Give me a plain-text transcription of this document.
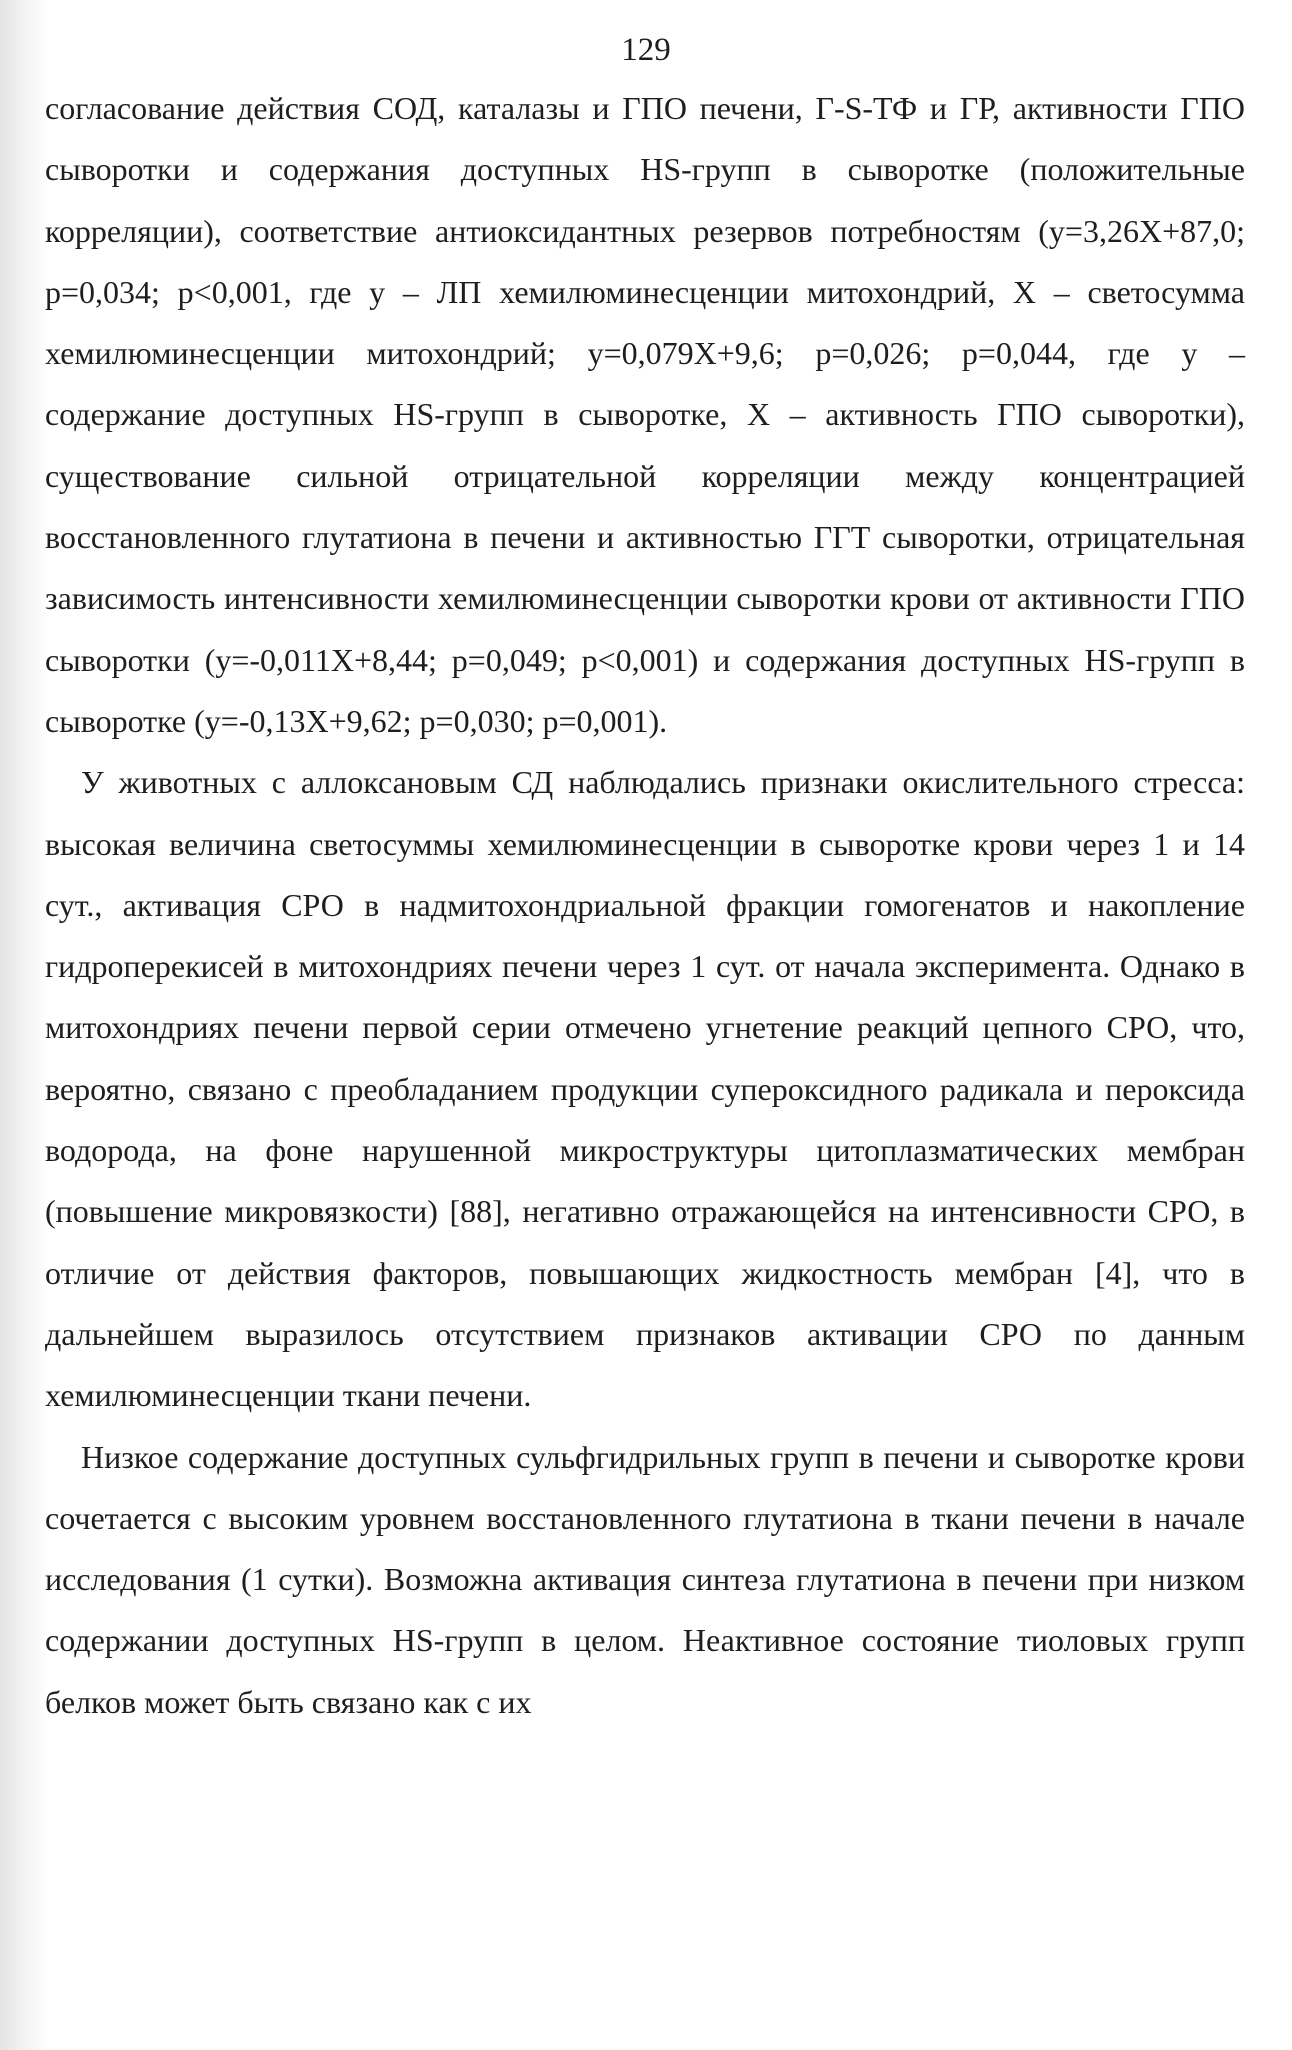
129

согласование действия СОД, каталазы и ГПО печени, Г-S-ТФ и ГР, активности ГПО сыворотки и содержания доступных HS-групп в сыворотке (положительные корреляции), соответствие антиоксидантных резервов потребностям (y=3,26X+87,0; p=0,034; p<0,001, где y – ЛП хемилюминесценции митохондрий, X – светосумма хемилюминесценции митохондрий; y=0,079X+9,6; p=0,026; p=0,044, где y – содержание доступных HS-групп в сыворотке, X – активность ГПО сыворотки), существование сильной отрицательной корреляции между концентрацией восстановленного глутатиона в печени и активностью ГГТ сыворотки, отрицательная зависимость интенсивности хемилюминесценции сыворотки крови от активности ГПО сыворотки (y=-0,011X+8,44; p=0,049; p<0,001) и содержания доступных HS-групп в сыворотке (y=-0,13X+9,62; p=0,030; p=0,001).

У животных с аллоксановым СД наблюдались признаки окислительного стресса: высокая величина светосуммы хемилюминесценции в сыворотке крови через 1 и 14 сут., активация СРО в надмитохондриальной фракции гомогенатов и накопление гидроперекисей в митохондриях печени через 1 сут. от начала эксперимента. Однако в митохондриях печени первой серии отмечено угнетение реакций цепного СРО, что, вероятно, связано с преобладанием продукции супероксидного радикала и пероксида водорода, на фоне нарушенной микроструктуры цитоплазматических мембран (повышение микровязкости) [88], негативно отражающейся на интенсивности СРО, в отличие от действия факторов, повышающих жидкостность мембран [4], что в дальнейшем выразилось отсутствием признаков активации СРО по данным хемилюминесценции ткани печени.

Низкое содержание доступных сульфгидрильных групп в печени и сыворотке крови сочетается с высоким уровнем восстановленного глутатиона в ткани печени в начале исследования (1 сутки). Возможна активация синтеза глутатиона в печени при низком содержании доступных HS-групп в целом. Неактивное состояние тиоловых групп белков может быть связано как с их
